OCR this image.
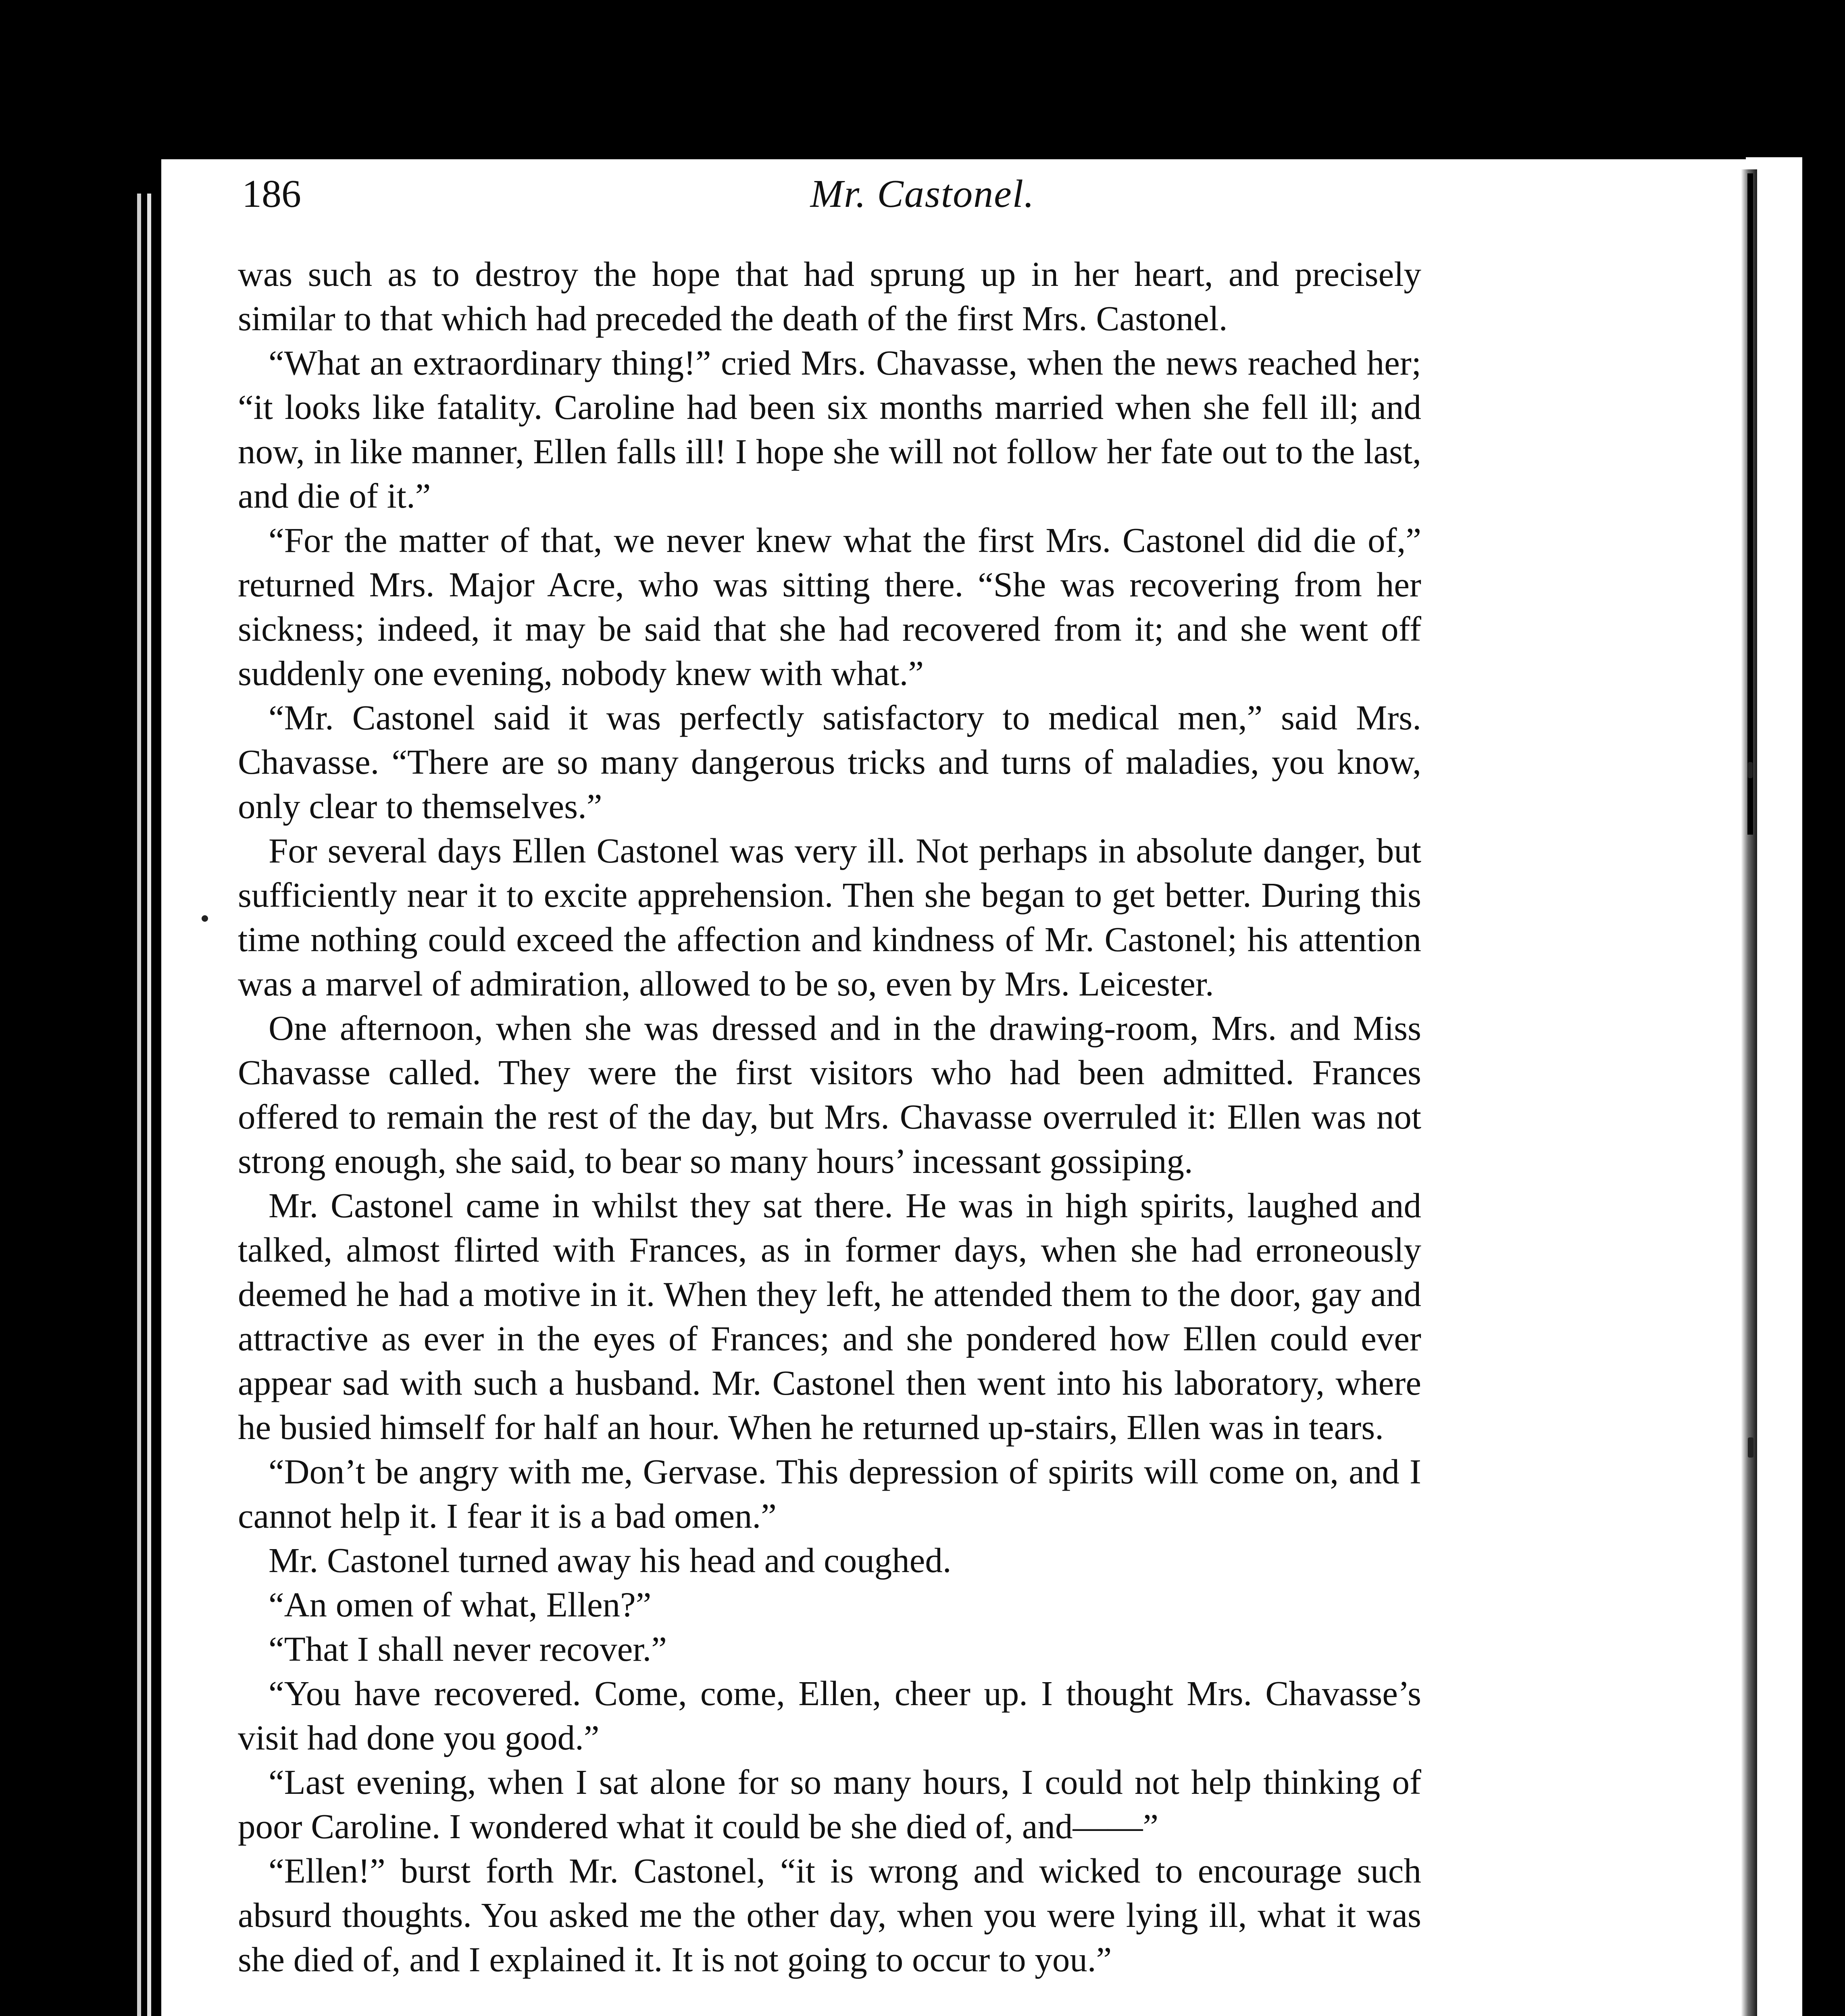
186	Mr. Castonel.

was such as to destroy the hope that had sprung up in her heart, and precisely similar to that which had preceded the death of the first Mrs. Castonel.

“What an extraordinary thing!” cried Mrs. Chavasse, when the news reached her; “it looks like fatality. Caroline had been six months married when she fell ill; and now, in like manner, Ellen falls ill! I hope she will not follow her fate out to the last, and die of it.”

“For the matter of that, we never knew what the first Mrs. Castonel did die of,” returned Mrs. Major Acre, who was sitting there. “She was recovering from her sickness; indeed, it may be said that she had recovered from it; and she went off suddenly one evening, nobody knew with what.”

“Mr. Castonel said it was perfectly satisfactory to medical men,” said Mrs. Chavasse. “There are so many dangerous tricks and turns of maladies, you know, only clear to themselves.”

For several days Ellen Castonel was very ill. Not perhaps in absolute danger, but sufficiently near it to excite apprehension. Then she began to get better. During this time nothing could exceed the affection and kindness of Mr. Castonel; his attention was a marvel of admiration, allowed to be so, even by Mrs. Leicester.

One afternoon, when she was dressed and in the drawing-room, Mrs. and Miss Chavasse called. They were the first visitors who had been admitted. Frances offered to remain the rest of the day, but Mrs. Chavasse overruled it: Ellen was not strong enough, she said, to bear so many hours’ incessant gossiping.

Mr. Castonel came in whilst they sat there. He was in high spirits, laughed and talked, almost flirted with Frances, as in former days, when she had erroneously deemed he had a motive in it. When they left, he attended them to the door, gay and attractive as ever in the eyes of Frances; and she pondered how Ellen could ever appear sad with such a husband. Mr. Castonel then went into his laboratory, where he busied himself for half an hour. When he returned up-stairs, Ellen was in tears.

“Don’t be angry with me, Gervase. This depression of spirits will come on, and I cannot help it. I fear it is a bad omen.”

Mr. Castonel turned away his head and coughed.

“An omen of what, Ellen?”

“That I shall never recover.”

“You have recovered. Come, come, Ellen, cheer up. I thought Mrs. Chavasse’s visit had done you good.”

“Last evening, when I sat alone for so many hours, I could not help thinking of poor Caroline. I wondered what it could be she died of, and——”

“Ellen!” burst forth Mr. Castonel, “it is wrong and wicked to encourage such absurd thoughts. You asked me the other day, when you were lying ill, what it was she died of, and I explained it. It is not going to occur to you.”
